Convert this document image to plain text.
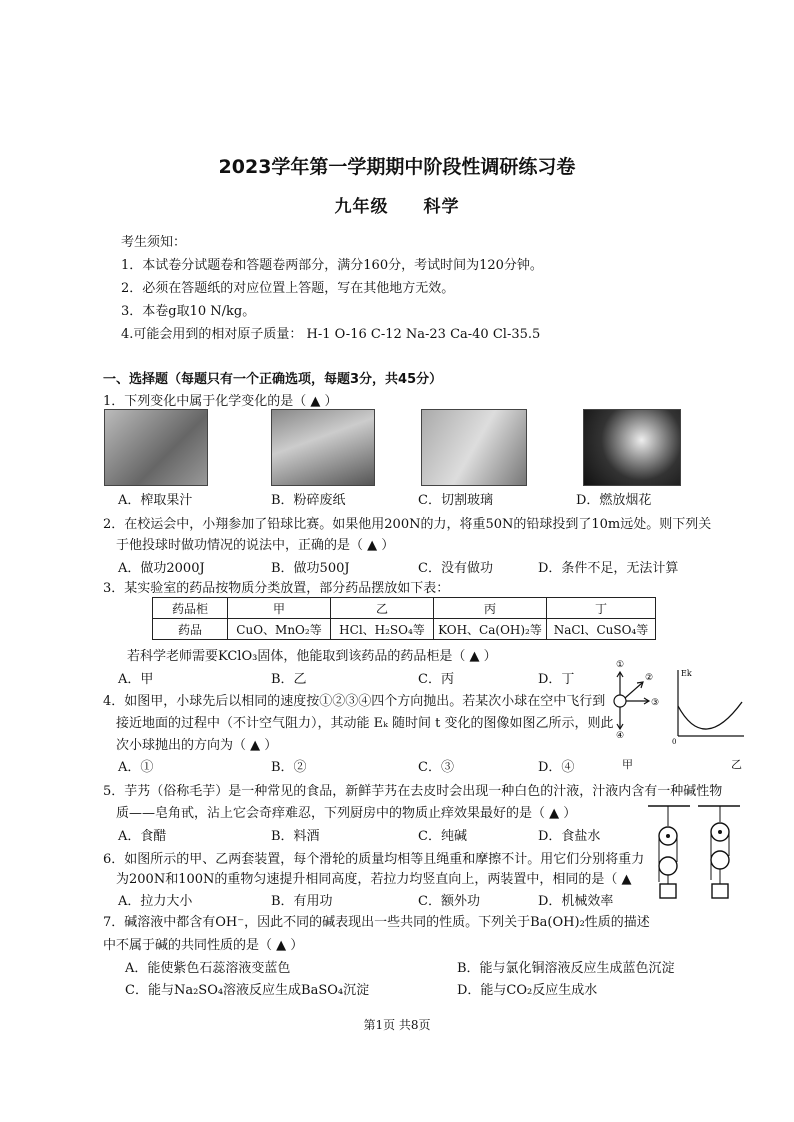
2023学年第一学期期中阶段性调研练习卷
九年级 科学
考生须知：
1．本试卷分试题卷和答题卷两部分，满分160分，考试时间为120分钟。
2．必须在答题纸的对应位置上答题，写在其他地方无效。
3．本卷g取10 N/kg。
4.可能会用到的相对原子质量： H-1 O-16 C-12 Na-23 Ca-40 Cl-35.5
一、选择题（每题只有一个正确选项，每题3分，共45分）
1．下列变化中属于化学变化的是（ ▲ ）
A．榨取果汁	B．粉碎废纸	C．切割玻璃	D．燃放烟花
2．在校运会中，小翔参加了铅球比赛。如果他用200N的力，将重50N的铅球投到了10m远处。则下列关
于他投球时做功情况的说法中，正确的是（ ▲ ）
A．做功2000J	B．做功500J	C．没有做功	D．条件不足，无法计算
3．某实验室的药品按物质分类放置，部分药品摆放如下表：
药品柜	甲	乙	丙	丁
药品	CuO、MnO₂等	HCl、H₂SO₄等	KOH、Ca(OH)₂等	NaCl、CuSO₄等
若科学老师需要KClO₃固体，他能取到该药品的药品柜是（ ▲ ）
A．甲	B．乙	C．丙	D．丁
4．如图甲，小球先后以相同的速度按①②③④四个方向抛出。若某次小球在空中飞行到
接近地面的过程中（不计空气阻力），其动能 Eₖ 随时间 t 变化的图像如图乙所示，则此
次小球抛出的方向为（ ▲ ）
A．①	B．②	C．③	D．④
①
②
③
④
甲
Ek
0
乙
5．芋艿（俗称毛芋）是一种常见的食品，新鲜芋艿在去皮时会出现一种白色的汁液，汁液内含有一种碱性物
质——皂角甙，沾上它会奇痒难忍，下列厨房中的物质止痒效果最好的是（ ▲ ）
A．食醋	B．料酒	C．纯碱	D．食盐水
6．如图所示的甲、乙两套装置，每个滑轮的质量均相等且绳重和摩擦不计。用它们分别将重力
为200N和100N的重物匀速提升相同高度，若拉力均竖直向上，两装置中，相同的是（ ▲
A．拉力大小	B．有用功	C．额外功	D．机械效率
7．碱溶液中都含有OH⁻，因此不同的碱表现出一些共同的性质。下列关于Ba(OH)₂性质的描述
中不属于碱的共同性质的是（ ▲ ）
A．能使紫色石蕊溶液变蓝色	B．能与氯化铜溶液反应生成蓝色沉淀
C．能与Na₂SO₄溶液反应生成BaSO₄沉淀	D．能与CO₂反应生成水
第1页 共8页
